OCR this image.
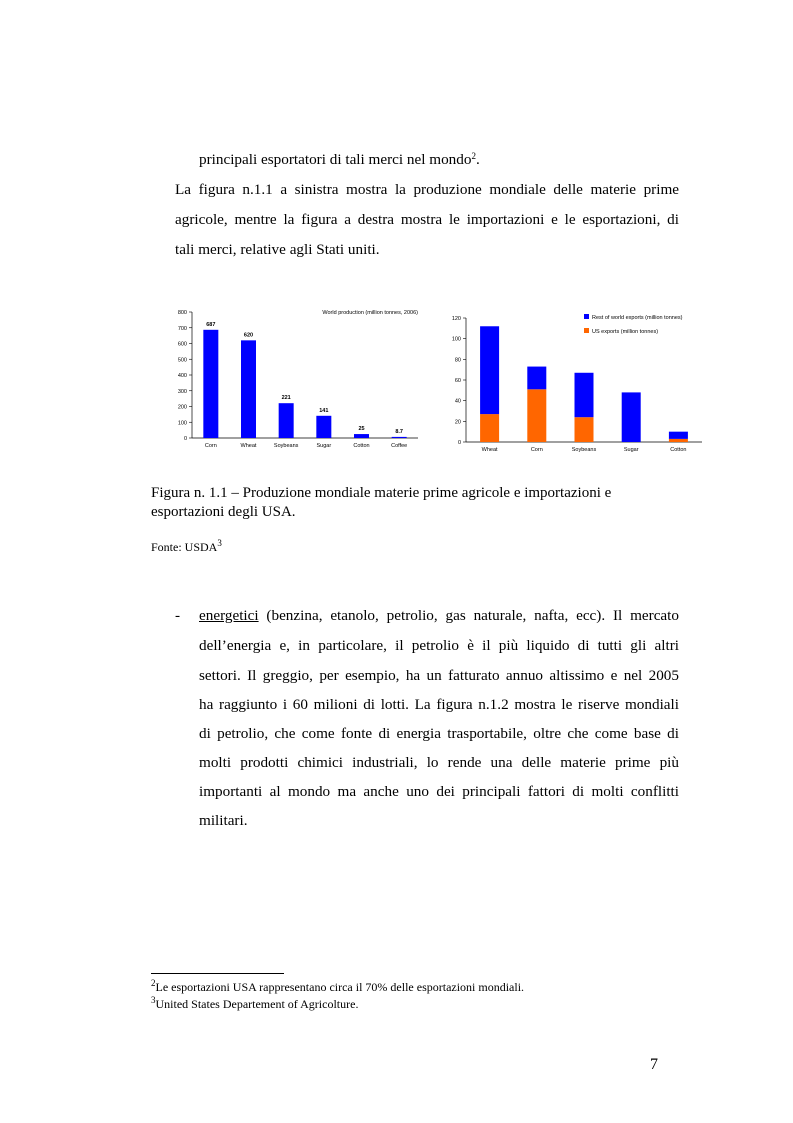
principali esportatori di tali merci nel mondo$^2$.
La figura n.1.1 a sinistra mostra la produzione mondiale delle materie prime
agricole, mentre la figura a destra mostra le importazioni e le esportazioni, di
tali merci, relative agli Stati uniti.
0
100
200
300
400
500
600
700
800	World production (million tonnes, 2006)
687
Corn
620
Wheat
221
Soybeans
141
Sugar
25
Cotton
8.7
Coffee	0
20
40
60
80
100
120
Wheat	Corn	Soybeans	Sugar	Cotton
Rest of world exports (million tonnes)
US exports (million tonnes)
Figura n. 1.1 – Produzione mondiale materie prime agricole e importazioni e
esportazioni degli USA.
Fonte: USDA$^3$
-	energetici (benzina, etanolo, petrolio, gas naturale, nafta, ecc). Il mercato
dell’energia e, in particolare, il petrolio è il più liquido di tutti gli altri
settori. Il greggio, per esempio, ha un fatturato annuo altissimo e nel 2005
ha raggiunto i 60 milioni di lotti. La figura n.1.2 mostra le riserve mondiali
di petrolio, che come fonte di energia trasportabile, oltre che come base di
molti prodotti chimici industriali, lo rende una delle materie prime più
importanti al mondo ma anche uno dei principali fattori di molti conflitti
militari.
$^2$Le esportazioni USA rappresentano circa il 70% delle esportazioni mondiali.
$^3$United States Departement of Agricolture.
7
